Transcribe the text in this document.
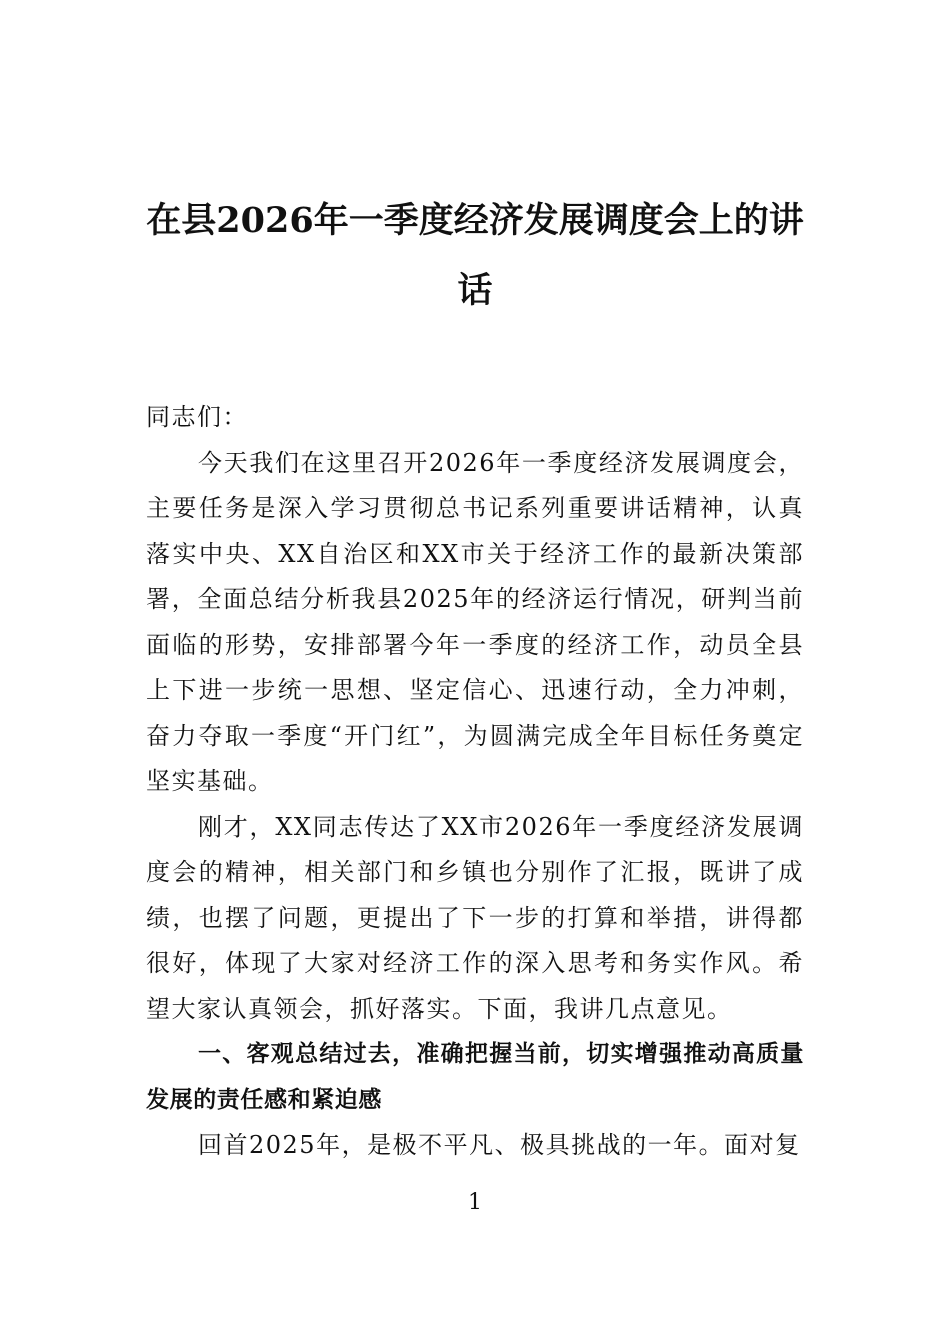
在县2026年一季度经济发展调度会上的讲话

同志们：

今天我们在这里召开2026年一季度经济发展调度会，主要任务是深入学习贯彻总书记系列重要讲话精神，认真落实中央、XX自治区和XX市关于经济工作的最新决策部署，全面总结分析我县2025年的经济运行情况，研判当前面临的形势，安排部署今年一季度的经济工作，动员全县上下进一步统一思想、坚定信心、迅速行动，全力冲刺，奋力夺取一季度“开门红”，为圆满完成全年目标任务奠定坚实基础。

刚才，XX同志传达了XX市2026年一季度经济发展调度会的精神，相关部门和乡镇也分别作了汇报，既讲了成绩，也摆了问题，更提出了下一步的打算和举措，讲得都很好，体现了大家对经济工作的深入思考和务实作风。希望大家认真领会，抓好落实。下面，我讲几点意见。

一、客观总结过去，准确把握当前，切实增强推动高质量发展的责任感和紧迫感

回首2025年，是极不平凡、极具挑战的一年。面对复

1
